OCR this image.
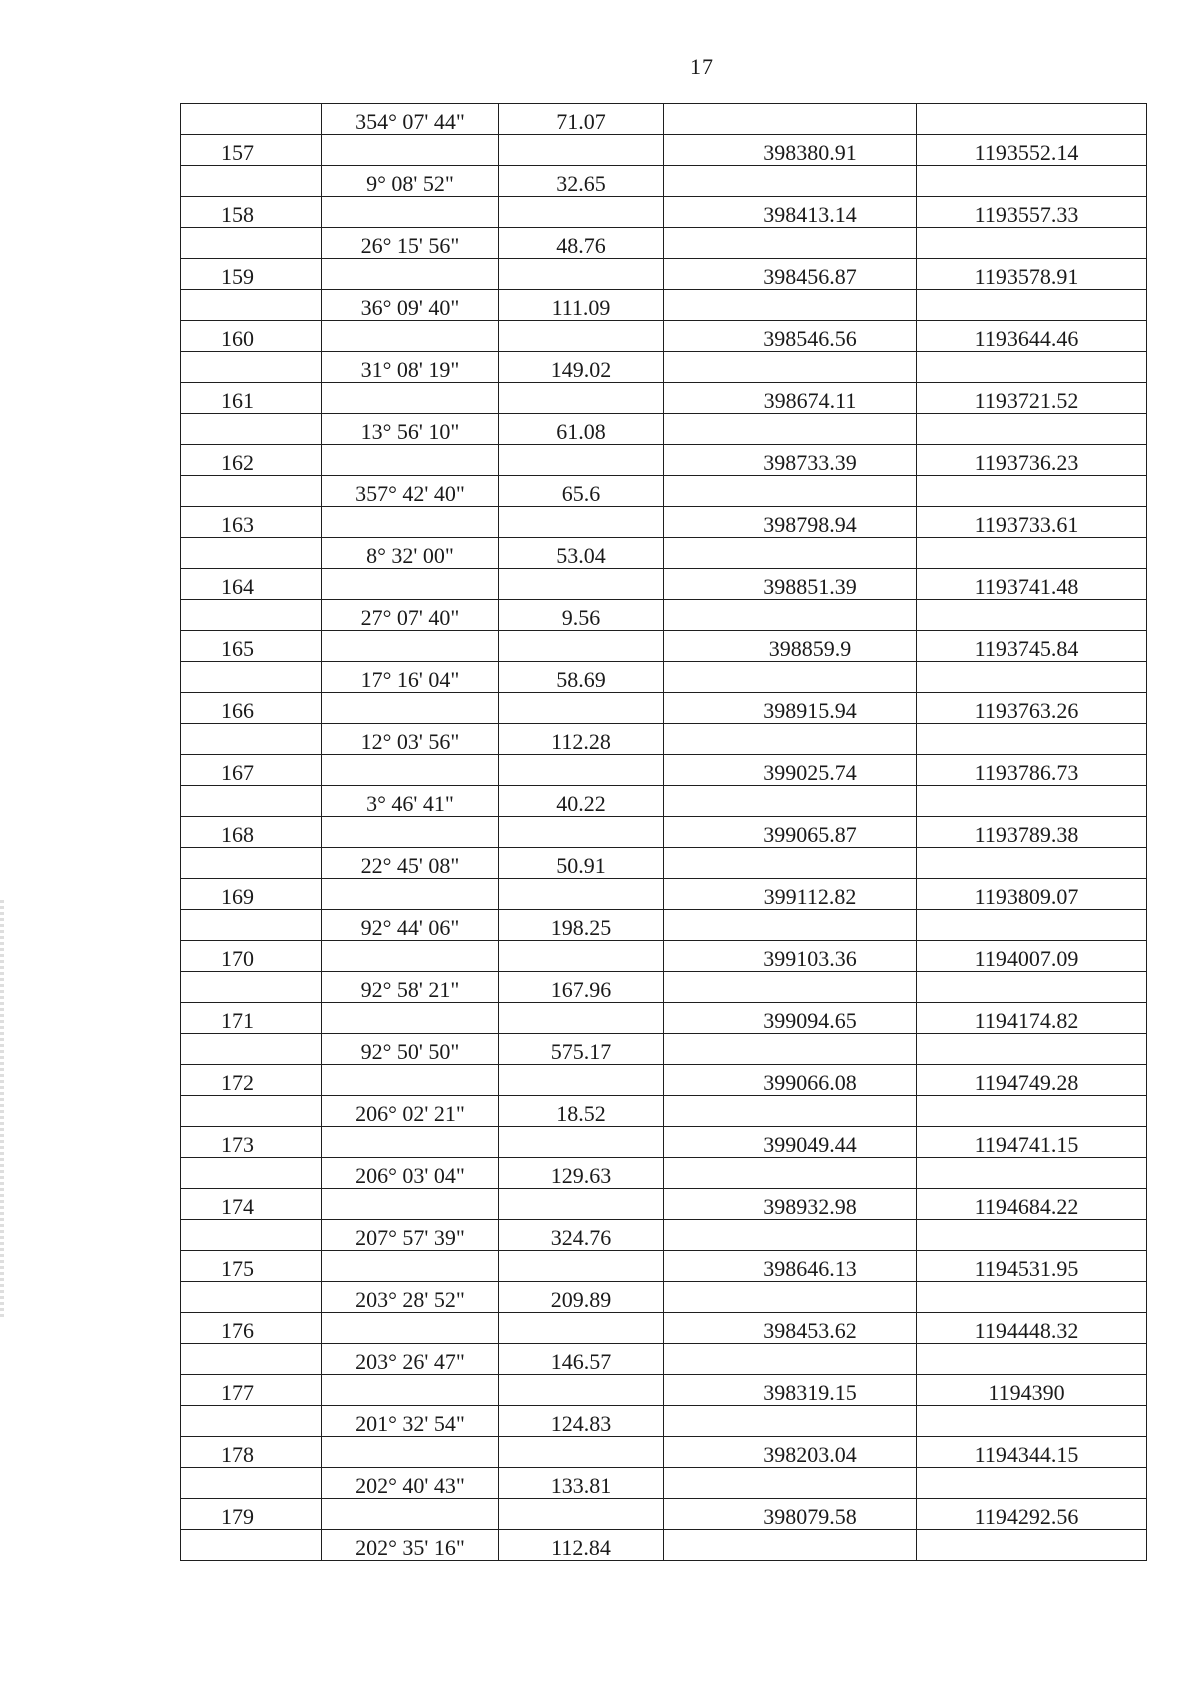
17
	354° 07' 44"	71.07		
157			398380.91	1193552.14
	9° 08' 52"	32.65		
158			398413.14	1193557.33
	26° 15' 56"	48.76		
159			398456.87	1193578.91
	36° 09' 40"	111.09		
160			398546.56	1193644.46
	31° 08' 19"	149.02		
161			398674.11	1193721.52
	13° 56' 10"	61.08		
162			398733.39	1193736.23
	357° 42' 40"	65.6		
163			398798.94	1193733.61
	8° 32' 00"	53.04		
164			398851.39	1193741.48
	27° 07' 40"	9.56		
165			398859.9	1193745.84
	17° 16' 04"	58.69		
166			398915.94	1193763.26
	12° 03' 56"	112.28		
167			399025.74	1193786.73
	3° 46' 41"	40.22		
168			399065.87	1193789.38
	22° 45' 08"	50.91		
169			399112.82	1193809.07
	92° 44' 06"	198.25		
170			399103.36	1194007.09
	92° 58' 21"	167.96		
171			399094.65	1194174.82
	92° 50' 50"	575.17		
172			399066.08	1194749.28
	206° 02' 21"	18.52		
173			399049.44	1194741.15
	206° 03' 04"	129.63		
174			398932.98	1194684.22
	207° 57' 39"	324.76		
175			398646.13	1194531.95
	203° 28' 52"	209.89		
176			398453.62	1194448.32
	203° 26' 47"	146.57		
177			398319.15	1194390
	201° 32' 54"	124.83		
178			398203.04	1194344.15
	202° 40' 43"	133.81		
179			398079.58	1194292.56
	202° 35' 16"	112.84		
